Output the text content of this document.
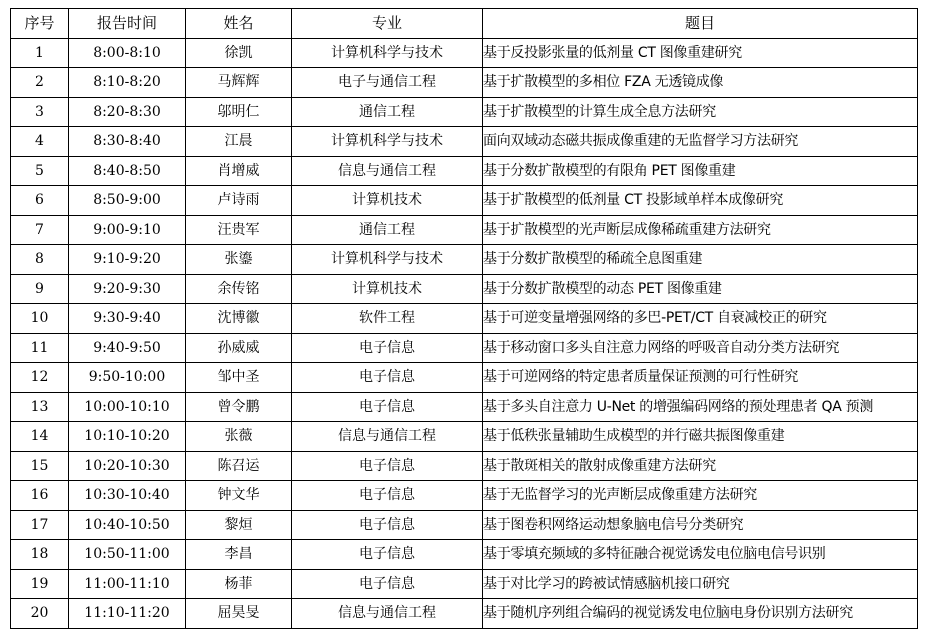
序号	报告时间	姓名	专业	题目
1	8:00-8:10	徐凯	计算机科学与技术	基于反投影张量的低剂量 CT 图像重建研究
2	8:10-8:20	马辉辉	电子与通信工程	基于扩散模型的多相位 FZA 无透镜成像
3	8:20-8:30	邬明仁	通信工程	基于扩散模型的计算生成全息方法研究
4	8:30-8:40	江晨	计算机科学与技术	面向双域动态磁共振成像重建的无监督学习方法研究
5	8:40-8:50	肖增威	信息与通信工程	基于分数扩散模型的有限角 PET 图像重建
6	8:50-9:00	卢诗雨	计算机技术	基于扩散模型的低剂量 CT 投影域单样本成像研究
7	9:00-9:10	汪贵军	通信工程	基于扩散模型的光声断层成像稀疏重建方法研究
8	9:10-9:20	张鎏	计算机科学与技术	基于分数扩散模型的稀疏全息图重建
9	9:20-9:30	余传铭	计算机技术	基于分数扩散模型的动态 PET 图像重建
10	9:30-9:40	沈博徽	软件工程	基于可逆变量增强网络的多巴-PET/CT 自衰减校正的研究
11	9:40-9:50	孙威威	电子信息	基于移动窗口多头自注意力网络的呼吸音自动分类方法研究
12	9:50-10:00	邹中圣	电子信息	基于可逆网络的特定患者质量保证预测的可行性研究
13	10:00-10:10	曾令鹏	电子信息	基于多头自注意力 U-Net 的增强编码网络的预处理患者 QA 预测
14	10:10-10:20	张薇	信息与通信工程	基于低秩张量辅助生成模型的并行磁共振图像重建
15	10:20-10:30	陈召运	电子信息	基于散斑相关的散射成像重建方法研究
16	10:30-10:40	钟文华	电子信息	基于无监督学习的光声断层成像重建方法研究
17	10:40-10:50	黎烜	电子信息	基于图卷积网络运动想象脑电信号分类研究
18	10:50-11:00	李昌	电子信息	基于零填充频域的多特征融合视觉诱发电位脑电信号识别
19	11:00-11:10	杨菲	电子信息	基于对比学习的跨被试情感脑机接口研究
20	11:10-11:20	屈昊旻	信息与通信工程	基于随机序列组合编码的视觉诱发电位脑电身份识别方法研究
